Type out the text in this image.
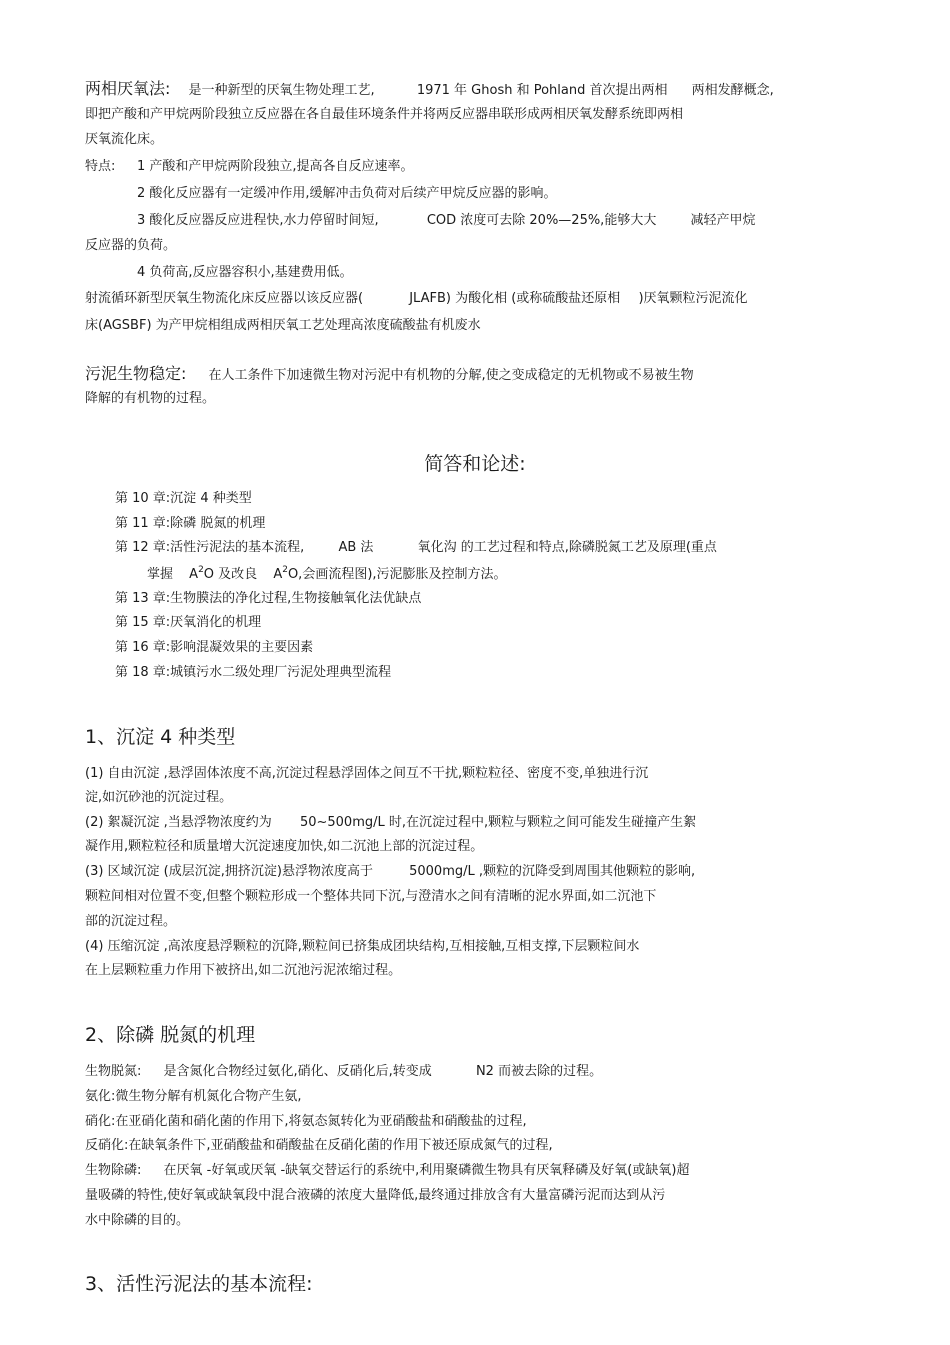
两相厌氧法: 是一种新型的厌氧生物处理工艺,	1971 年 Ghosh 和 Pohland 首次提出两相 两相发酵概念,
即把产酸和产甲烷两阶段独立反应器在各自最佳环境条件并将两反应器串联形成两相厌氧发酵系统即两相
厌氧流化床。
特点: 1 产酸和产甲烷两阶段独立,提高各自反应速率。
2 酸化反应器有一定缓冲作用,缓解冲击负荷对后续产甲烷反应器的影响。
3 酸化反应器反应进程快,水力停留时间短,	COD 浓度可去除 20%—25%,能够大大	减轻产甲烷
反应器的负荷。
4 负荷高,反应器容积小,基建费用低。
射流循环新型厌氧生物流化床反应器以该反应器(	JLAFB) 为酸化相 (或称硫酸盐还原相 )厌氧颗粒污泥流化
床(AGSBF) 为产甲烷相组成两相厌氧工艺处理高浓度硫酸盐有机废水
污泥生物稳定: 在人工条件下加速微生物对污泥中有机物的分解,使之变成稳定的无机物或不易被生物
降解的有机物的过程。
简答和论述:
第 10 章:沉淀 4 种类型
第 11 章:除磷 脱氮的机理
第 12 章:活性污泥法的基本流程,	AB 法	氧化沟 的工艺过程和特点,除磷脱氮工艺及原理(重点
掌握 $A^2O$ 及改良 $A^2O$,会画流程图),污泥膨胀及控制方法。
第 13 章:生物膜法的净化过程,生物接触氧化法优缺点
第 15 章:厌氧消化的机理
第 16 章:影响混凝效果的主要因素
第 18 章:城镇污水二级处理厂污泥处理典型流程
1、沉淀 4 种类型
(1) 自由沉淀 ,悬浮固体浓度不高,沉淀过程悬浮固体之间互不干扰,颗粒粒径、密度不变,单独进行沉
淀,如沉砂池的沉淀过程。
(2) 絮凝沉淀 ,当悬浮物浓度约为 50~500mg/L 时,在沉淀过程中,颗粒与颗粒之间可能发生碰撞产生絮
凝作用,颗粒粒径和质量增大沉淀速度加快,如二沉池上部的沉淀过程。
(3) 区域沉淀 (成层沉淀,拥挤沉淀)悬浮物浓度高于	5000mg/L ,颗粒的沉降受到周围其他颗粒的影响,
颗粒间相对位置不变,但整个颗粒形成一个整体共同下沉,与澄清水之间有清晰的泥水界面,如二沉池下
部的沉淀过程。
(4) 压缩沉淀 ,高浓度悬浮颗粒的沉降,颗粒间已挤集成团块结构,互相接触,互相支撑,下层颗粒间水
在上层颗粒重力作用下被挤出,如二沉池污泥浓缩过程。
2、除磷 脱氮的机理
生物脱氮: 是含氮化合物经过氨化,硝化、反硝化后,转变成	N2 而被去除的过程。
氨化:微生物分解有机氮化合物产生氨,
硝化:在亚硝化菌和硝化菌的作用下,将氨态氮转化为亚硝酸盐和硝酸盐的过程,
反硝化:在缺氧条件下,亚硝酸盐和硝酸盐在反硝化菌的作用下被还原成氮气的过程,
生物除磷: 在厌氧 -好氧或厌氧 -缺氧交替运行的系统中,利用聚磷微生物具有厌氧释磷及好氧(或缺氧)超
量吸磷的特性,使好氧或缺氧段中混合液磷的浓度大量降低,最终通过排放含有大量富磷污泥而达到从污
水中除磷的目的。
3、活性污泥法的基本流程:
